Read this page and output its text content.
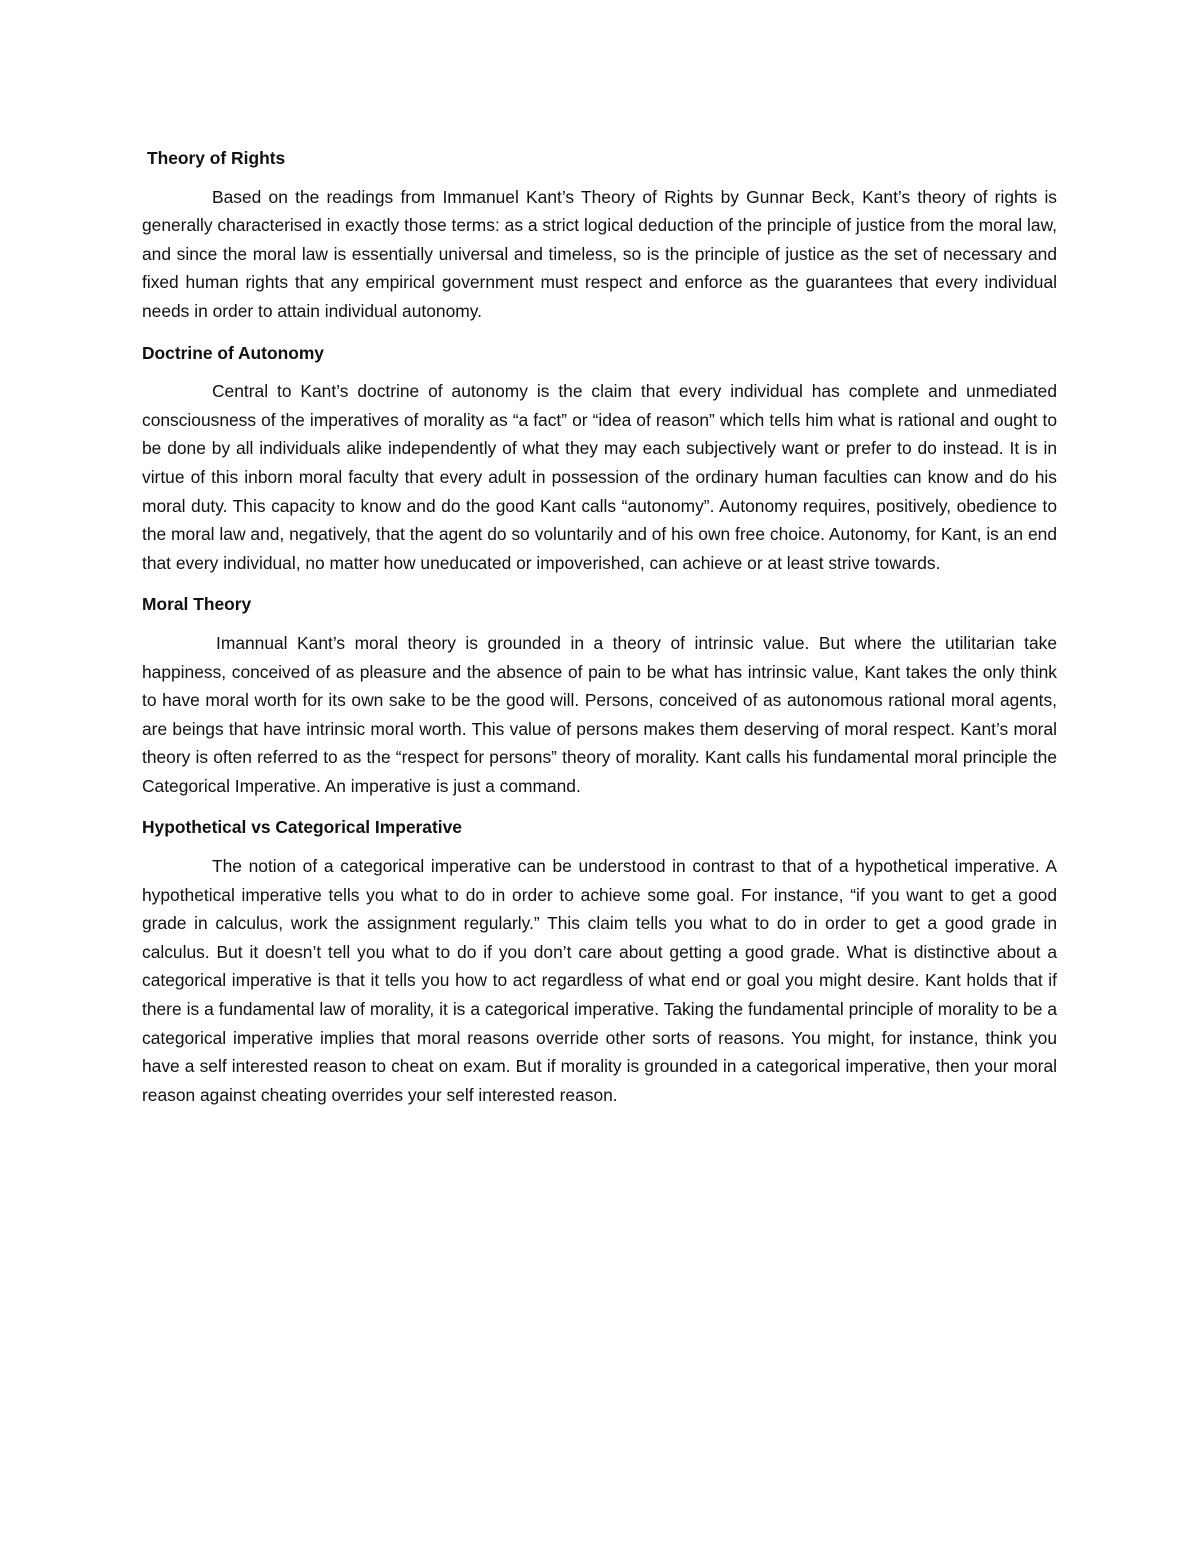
Theory of Rights

Based on the readings from Immanuel Kant’s Theory of Rights by Gunnar Beck, Kant’s theory of rights is generally characterised in exactly those terms: as a strict logical deduction of the principle of justice from the moral law, and since the moral law is essentially universal and timeless, so is the principle of justice as the set of necessary and fixed human rights that any empirical government must respect and enforce as the guarantees that every individual needs in order to attain individual autonomy.

Doctrine of Autonomy

Central to Kant’s doctrine of autonomy is the claim that every individual has complete and unmediated consciousness of the imperatives of morality as “a fact” or “idea of reason” which tells him what is rational and ought to be done by all individuals alike independently of what they may each subjectively want or prefer to do instead. It is in virtue of this inborn moral faculty that every adult in possession of the ordinary human faculties can know and do his moral duty. This capacity to know and do the good Kant calls “autonomy”. Autonomy requires, positively, obedience to the moral law and, negatively, that the agent do so voluntarily and of his own free choice. Autonomy, for Kant, is an end that every individual, no matter how uneducated or impoverished, can achieve or at least strive towards.

Moral Theory

Imannual Kant’s moral theory is grounded in a theory of intrinsic value. But where the utilitarian take happiness, conceived of as pleasure and the absence of pain to be what has intrinsic value, Kant takes the only think to have moral worth for its own sake to be the good will. Persons, conceived of as autonomous rational moral agents, are beings that have intrinsic moral worth. This value of persons makes them deserving of moral respect. Kant’s moral theory is often referred to as the “respect for persons” theory of morality. Kant calls his fundamental moral principle the Categorical Imperative. An imperative is just a command.

Hypothetical vs Categorical Imperative

The notion of a categorical imperative can be understood in contrast to that of a hypothetical imperative. A hypothetical imperative tells you what to do in order to achieve some goal. For instance, “if you want to get a good grade in calculus, work the assignment regularly.” This claim tells you what to do in order to get a good grade in calculus. But it doesn’t tell you what to do if you don’t care about getting a good grade. What is distinctive about a categorical imperative is that it tells you how to act regardless of what end or goal you might desire. Kant holds that if there is a fundamental law of morality, it is a categorical imperative. Taking the fundamental principle of morality to be a categorical imperative implies that moral reasons override other sorts of reasons. You might, for instance, think you have a self interested reason to cheat on exam. But if morality is grounded in a categorical imperative, then your moral reason against cheating overrides your self interested reason.
